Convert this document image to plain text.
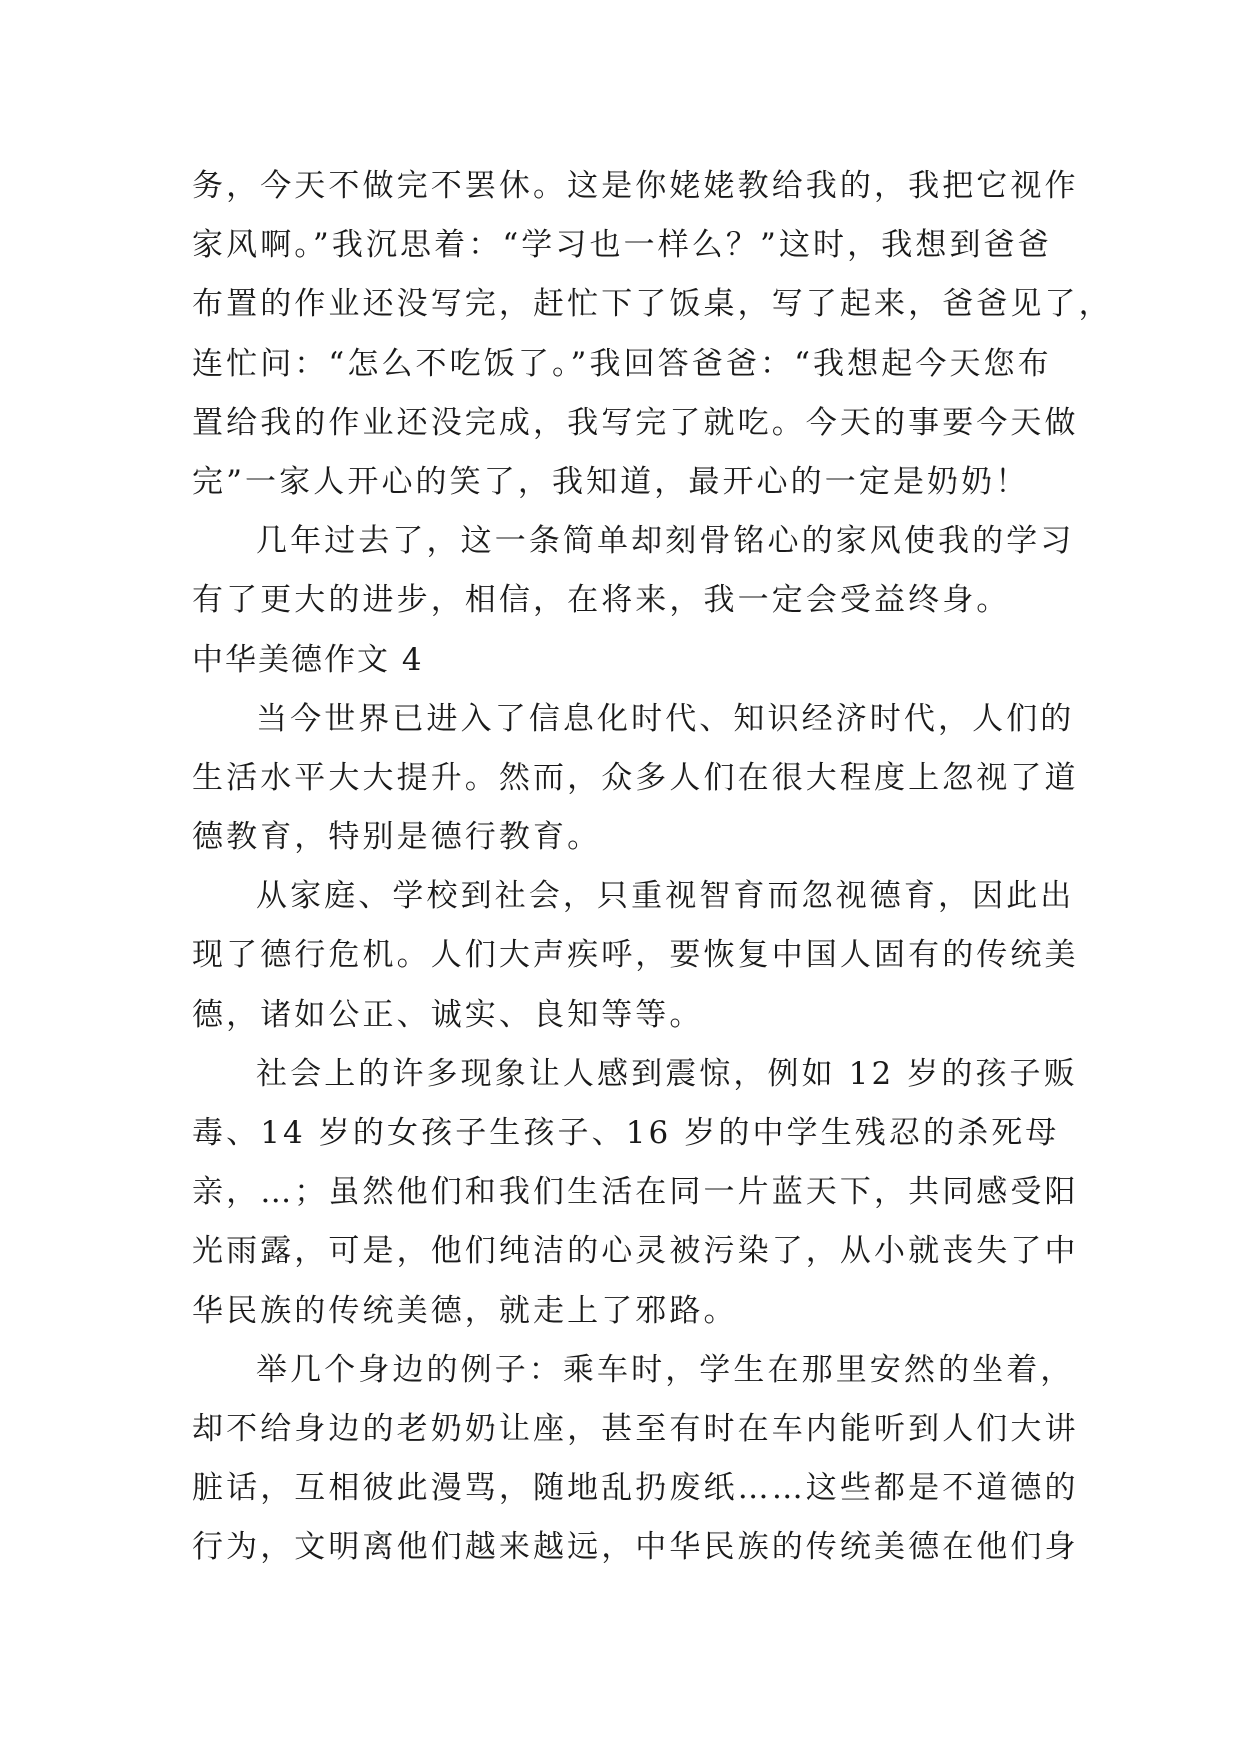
务，今天不做完不罢休。这是你姥姥教给我的，我把它视作
家风啊。”我沉思着：“学习也一样么？”这时，我想到爸爸
布置的作业还没写完，赶忙下了饭桌，写了起来，爸爸见了，
连忙问：“怎么不吃饭了。”我回答爸爸：“我想起今天您布
置给我的作业还没完成，我写完了就吃。今天的事要今天做
完”一家人开心的笑了，我知道，最开心的一定是奶奶！
几年过去了，这一条简单却刻骨铭心的家风使我的学习
有了更大的进步，相信，在将来，我一定会受益终身。
中华美德作文 4
当今世界已进入了信息化时代、知识经济时代，人们的
生活水平大大提升。然而，众多人们在很大程度上忽视了道
德教育，特别是德行教育。
从家庭、学校到社会，只重视智育而忽视德育，因此出
现了德行危机。人们大声疾呼，要恢复中国人固有的传统美
德，诸如公正、诚实、良知等等。
社会上的许多现象让人感到震惊，例如 12 岁的孩子贩
毒、14 岁的女孩子生孩子、16 岁的中学生残忍的杀死母
亲，…；虽然他们和我们生活在同一片蓝天下，共同感受阳
光雨露，可是，他们纯洁的心灵被污染了，从小就丧失了中
华民族的传统美德，就走上了邪路。
举几个身边的例子：乘车时，学生在那里安然的坐着，
却不给身边的老奶奶让座，甚至有时在车内能听到人们大讲
脏话，互相彼此漫骂，随地乱扔废纸……这些都是不道德的
行为，文明离他们越来越远，中华民族的传统美德在他们身
